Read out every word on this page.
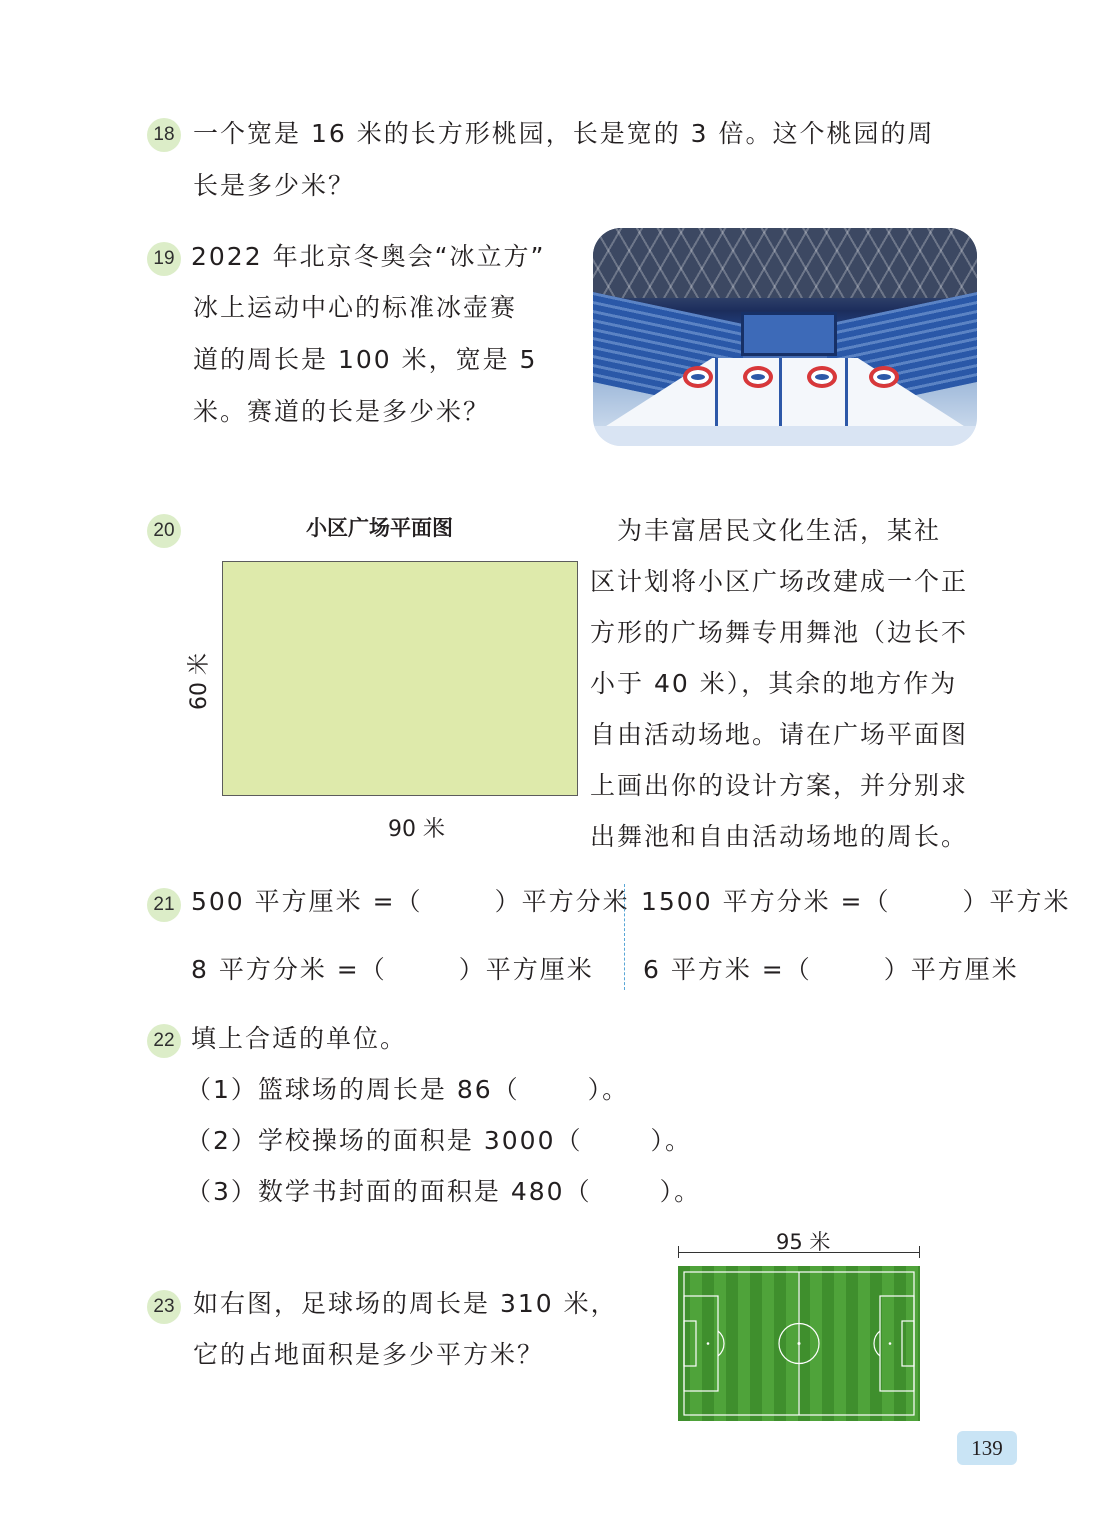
18 一个宽是 16 米的长方形桃园，长是宽的 3 倍。这个桃园的周
长是多少米？
19 2022 年北京冬奥会“冰立方”
冰上运动中心的标准冰壶赛
道的周长是 100 米，宽是 5
米。赛道的长是多少米？
20	小区广场平面图
60 米
90 米
　为丰富居民文化生活，某社
区计划将小区广场改建成一个正
方形的广场舞专用舞池（边长不
小于 40 米），其余的地方作为
自由活动场地。请在广场平面图
上画出你的设计方案，并分别求
出舞池和自由活动场地的周长。
21 500 平方厘米 =（	）平方分米 1500 平方分米 =（	）平方米
8 平方分米 =（	）平方厘米 6 平方米 =（	）平方厘米
22 填上合适的单位。
（1）篮球场的周长是 86（	）。
（2）学校操场的面积是 3000（	）。
（3）数学书封面的面积是 480（	）。
23 如右图，足球场的周长是 310 米，
它的占地面积是多少平方米？
95 米
139
